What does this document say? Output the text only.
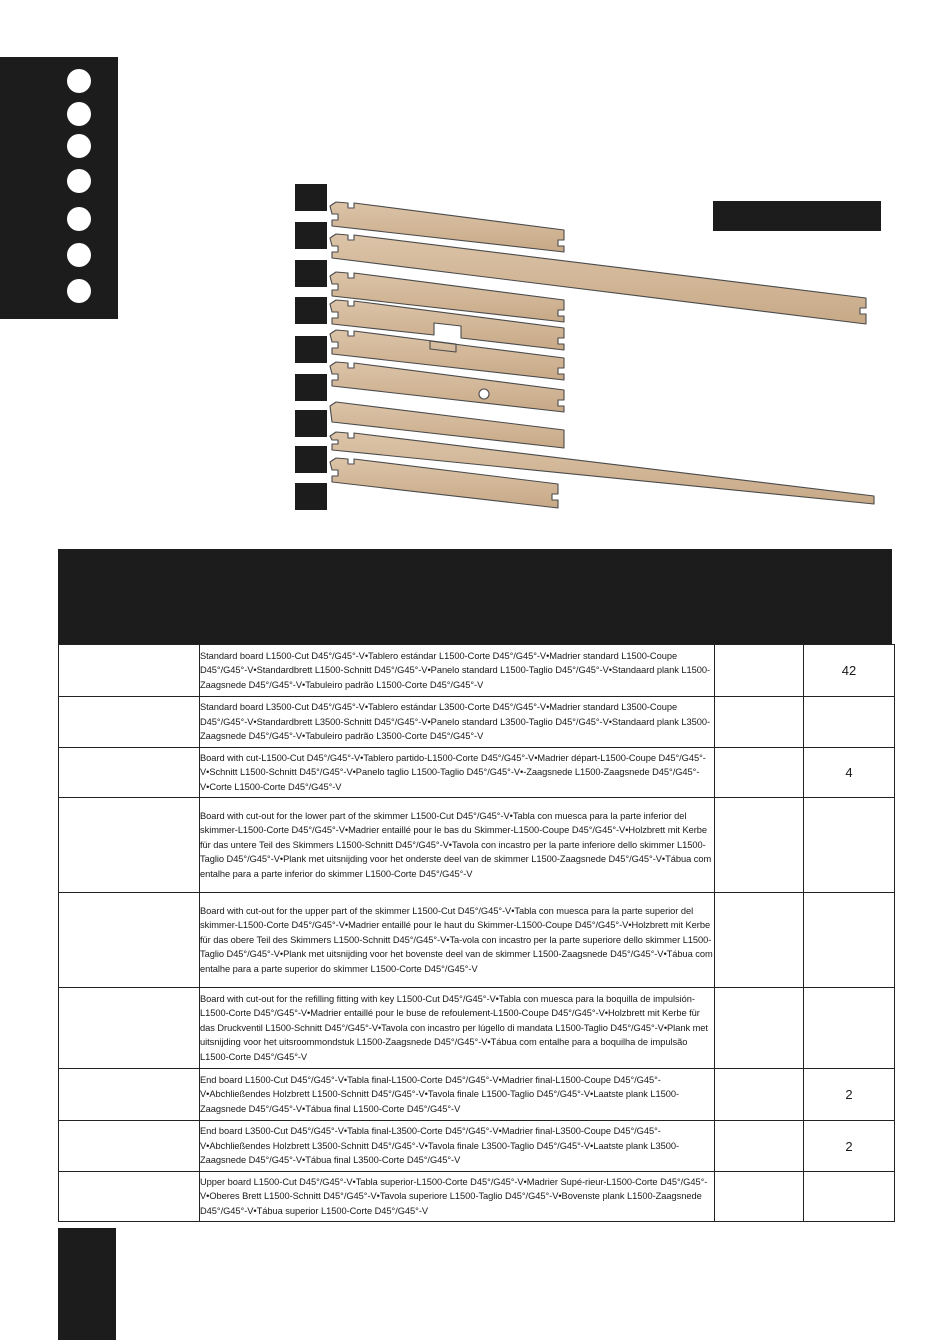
	Standard board L1500-Cut D45°/G45°-V•Tablero estándar L1500-Corte D45°/G45°-V•Madrier standard L1500-Coupe D45°/G45°-V•Standardbrett L1500-Schnitt D45°/G45°-V•Panelo standard L1500-Taglio D45°/G45°-V•Standaard plank L1500-Zaagsnede D45°/G45°-V•Tabuleiro padrão L1500-Corte D45°/G45°-V		42
	Standard board L3500-Cut D45°/G45°-V•Tablero estándar L3500-Corte D45°/G45°-V•Madrier standard L3500-Coupe D45°/G45°-V•Standardbrett L3500-Schnitt D45°/G45°-V•Panelo standard L3500-Taglio D45°/G45°-V•Standaard plank L3500-Zaagsnede D45°/G45°-V•Tabuleiro padrão L3500-Corte D45°/G45°-V		
	Board with cut-L1500-Cut D45°/G45°-V•Tablero partido-L1500-Corte D45°/G45°-V•Madrier départ-L1500-Coupe D45°/G45°-V•Schnitt L1500-Schnitt D45°/G45°-V•Panelo taglio L1500-Taglio D45°/G45°-V•-Zaagsnede L1500-Zaagsnede D45°/G45°-V•Corte L1500-Corte D45°/G45°-V		4
	Board with cut-out for the lower part of the skimmer L1500-Cut D45°/G45°-V•Tabla con muesca para la parte inferior del skimmer-L1500-Corte D45°/G45°-V•Madrier entaillé pour le bas du Skimmer-L1500-Coupe D45°/G45°-V•Holzbrett mit Kerbe für das untere Teil des Skimmers L1500-Schnitt D45°/G45°-V•Tavola con incastro per la parte inferiore dello skimmer L1500-Taglio D45°/G45°-V•Plank met uitsnijding voor het onderste deel van de skimmer L1500-Zaagsnede D45°/G45°-V•Tábua com entalhe para a parte inferior do skimmer L1500-Corte D45°/G45°-V		
	Board with cut-out for the upper part of the skimmer L1500-Cut D45°/G45°-V•Tabla con muesca para la parte superior del skimmer-L1500-Corte D45°/G45°-V•Madrier entaillé pour le haut du Skimmer-L1500-Coupe D45°/G45°-V•Holzbrett mit Kerbe für das obere Teil des Skimmers L1500-Schnitt D45°/G45°-V•Ta-vola con incastro per la parte superiore dello skimmer L1500-Taglio D45°/G45°-V•Plank met uitsnijding voor het bovenste deel van de skimmer L1500-Zaagsnede D45°/G45°-V•Tábua com entalhe para a parte superior do skimmer L1500-Corte D45°/G45°-V		
	Board with cut-out for the refilling fitting with key L1500-Cut D45°/G45°-V•Tabla con muesca para la boquilla de impulsión-L1500-Corte D45°/G45°-V•Madrier entaillé pour le buse de refoulement-L1500-Coupe D45°/G45°-V•Holzbrett mit Kerbe für das Druckventil L1500-Schnitt D45°/G45°-V•Tavola con incastro per lúgello di mandata L1500-Taglio D45°/G45°-V•Plank met uitsnijding voor het uitsroommondstuk L1500-Zaagsnede D45°/G45°-V•Tábua com entalhe para a boquilha de impulsão L1500-Corte D45°/G45°-V		
	End board L1500-Cut D45°/G45°-V•Tabla final-L1500-Corte D45°/G45°-V•Madrier final-L1500-Coupe D45°/G45°-V•Abchließendes Holzbrett L1500-Schnitt D45°/G45°-V•Tavola finale L1500-Taglio D45°/G45°-V•Laatste plank L1500-Zaagsnede D45°/G45°-V•Tábua final L1500-Corte D45°/G45°-V		2
	End board L3500-Cut D45°/G45°-V•Tabla final-L3500-Corte D45°/G45°-V•Madrier final-L3500-Coupe D45°/G45°-V•Abchließendes Holzbrett L3500-Schnitt D45°/G45°-V•Tavola finale L3500-Taglio D45°/G45°-V•Laatste plank L3500-Zaagsnede D45°/G45°-V•Tábua final L3500-Corte D45°/G45°-V		2
	Upper board L1500-Cut D45°/G45°-V•Tabla superior-L1500-Corte D45°/G45°-V•Madrier Supé-rieur-L1500-Corte D45°/G45°-V•Oberes Brett L1500-Schnitt D45°/G45°-V•Tavola superiore L1500-Taglio D45°/G45°-V•Bovenste plank L1500-Zaagsnede D45°/G45°-V•Tábua superior L1500-Corte D45°/G45°-V		
